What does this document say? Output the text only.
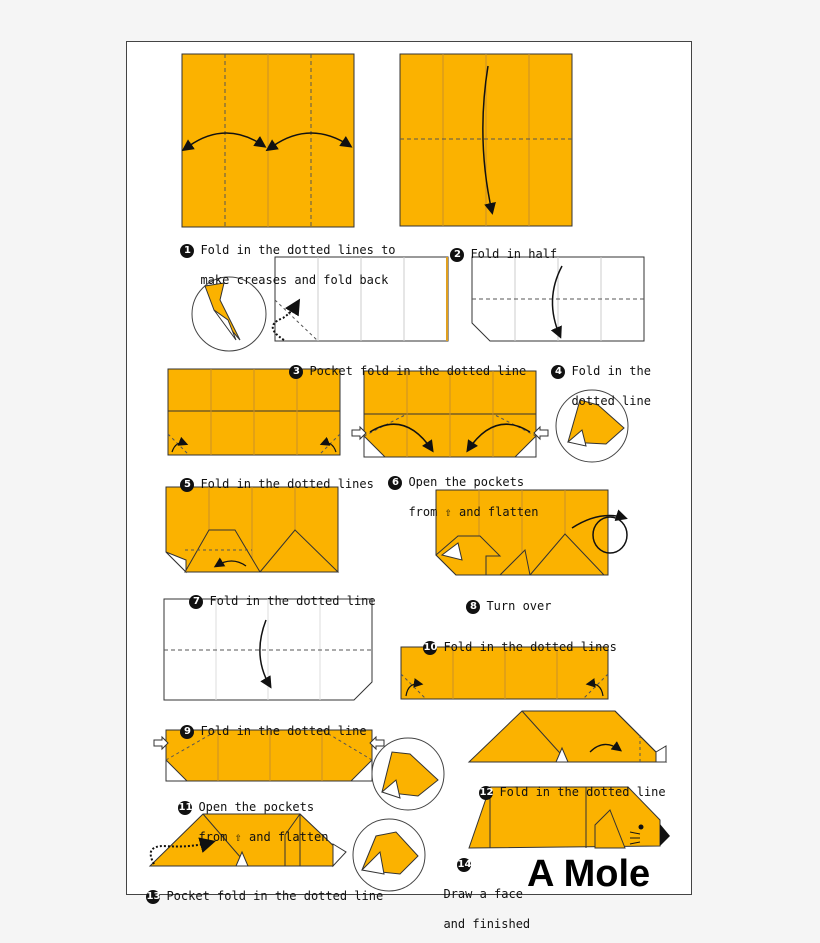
1 Fold in the dotted lines to

make creases and fold back

2 Fold in half

3 Pocket fold in the dotted line	4 Fold in the

dotted line

5 Fold in the dotted lines	6 Open the pockets

from ⇧ and flatten

7 Fold in the dotted line	8 Turn over

9 Fold in the dotted line

10 Fold in the dotted lines

11 Open the pockets

from ⇧ and flatten

12 Fold in the dotted line

13 Pocket fold in the dotted line

14

Draw a face

and finished

A Mole
